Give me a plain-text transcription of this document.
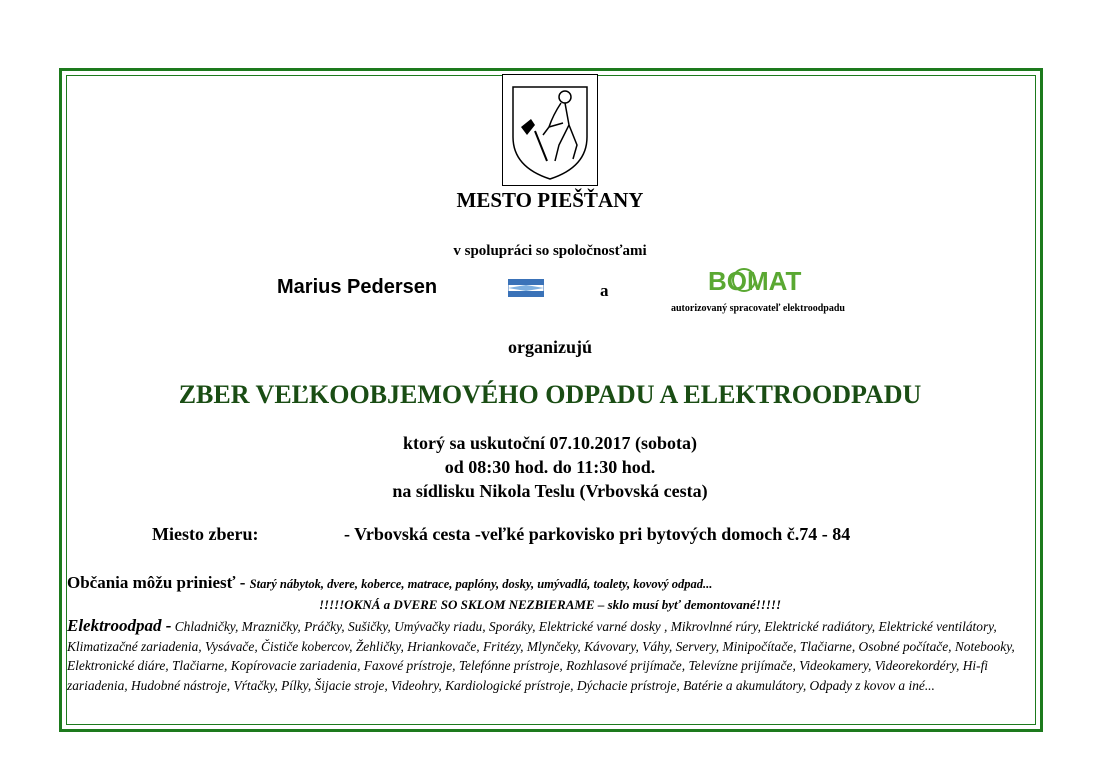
MESTO PIEŠŤANY
v spolupráci so spoločnosťami
Marius Pedersen	a	BOMAT
autorizovaný spracovateľ elektroodpadu
organizujú
ZBER VEĽKOOBJEMOVÉHO ODPADU A ELEKTROODPADU
ktorý sa uskutoční 07.10.2017 (sobota)
od 08:30 hod. do 11:30 hod.
na sídlisku Nikola Teslu (Vrbovská cesta)
Miesto zberu:	- Vrbovská cesta -veľké parkovisko pri bytových domoch č.74 - 84
Občania môžu priniesť - Starý nábytok, dvere, koberce, matrace, paplóny, dosky, umývadlá, toalety, kovový odpad...
!!!!!OKNÁ a DVERE SO SKLOM NEZBIERAME – sklo musí byť demontované!!!!!
Elektroodpad - Chladničky, Mrazničky, Práčky, Sušičky, Umývačky riadu, Sporáky, Elektrické varné dosky , Mikrovlnné rúry, Elektrické radiátory, Elektrické ventilátory, Klimatizačné zariadenia, Vysávače, Čističe kobercov, Žehličky, Hriankovače, Fritézy, Mlynčeky, Kávovary, Váhy, Servery, Minipočítače, Tlačiarne, Osobné počítače, Notebooky, Elektronické diáre, Tlačiarne, Kopírovacie zariadenia, Faxové prístroje, Telefónne prístroje, Rozhlasové prijímače, Televízne prijímače, Videokamery, Videorekordéry, Hi-fi zariadenia, Hudobné nástroje, Vŕtačky, Pílky, Šijacie stroje, Videohry, Kardiologické prístroje, Dýchacie prístroje, Batérie a akumulátory, Odpady z kovov a iné...
